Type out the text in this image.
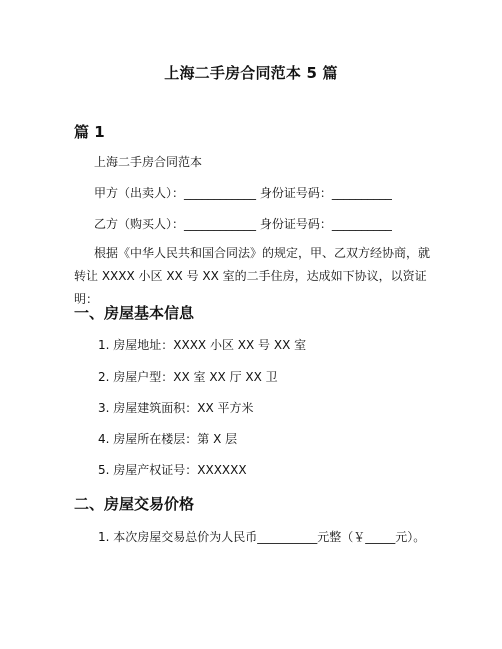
上海二手房合同范本 5 篇
篇 1
上海二手房合同范本
甲方（出卖人）：____________ 身份证号码：__________
乙方（购买人）：____________ 身份证号码：__________
根据《中华人民共和国合同法》的规定，甲、乙双方经协商，就转让 XXXX 小区 XX 号 XX 室的二手住房，达成如下协议，以资证明：
一、房屋基本信息
1. 房屋地址：XXXX 小区 XX 号 XX 室
2. 房屋户型：XX 室 XX 厅 XX 卫
3. 房屋建筑面积：XX 平方米
4. 房屋所在楼层：第 X 层
5. 房屋产权证号：XXXXXX
二、房屋交易价格
1. 本次房屋交易总价为人民币__________元整（￥_____元）。
